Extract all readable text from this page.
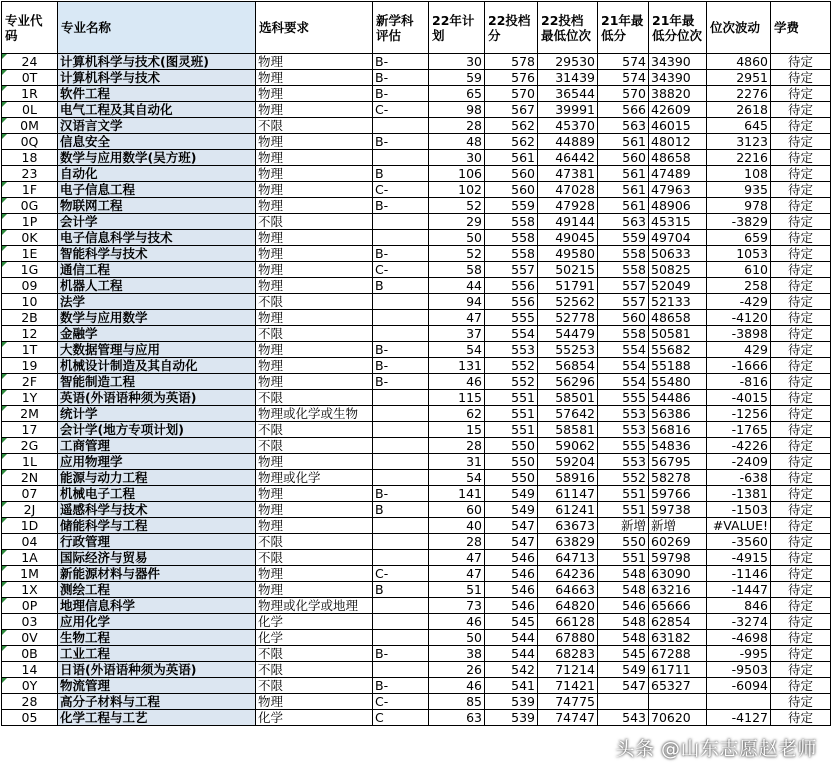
专业代码	专业名称	选科要求	新学科评估	22年计划	22投档分	22投档最低位次	21年最低分	21年最低分位次	位次波动	学费

24	计算机科学与技术(图灵班)	物理	B-	30	578	29530	574	34390	4860	待定

0T	计算机科学与技术	物理	B-	59	576	31439	574	34390	2951	待定

1R	软件工程	物理	B-	65	570	36544	570	38820	2276	待定

0L	电气工程及其自动化	物理	C-	98	567	39991	566	42609	2618	待定

0M	汉语言文学	不限		28	562	45370	563	46015	645	待定

0Q	信息安全	物理	B-	48	562	44889	561	48012	3123	待定
18	数学与应用数学(吴方班)	物理		30	561	46442	560	48658	2216	待定
23	自动化	物理	B	106	560	47381	561	47489	108	待定

1F	电子信息工程	物理	C-	102	560	47028	561	47963	935	待定

0G	物联网工程	物理	B-	52	559	47928	561	48906	978	待定

1P	会计学	不限		29	558	49144	563	45315	-3829	待定

0K	电子信息科学与技术	物理		50	558	49045	559	49704	659	待定

1E	智能科学与技术	物理	B-	52	558	49580	558	50633	1053	待定

1G	通信工程	物理	C-	58	557	50215	558	50825	610	待定
09	机器人工程	物理	B	44	556	51791	557	52049	258	待定
10	法学	不限		94	556	52562	557	52133	-429	待定
2B	数学与应用数学	物理		47	555	52778	560	48658	-4120	待定
12	金融学	不限		37	554	54479	558	50581	-3898	待定

1T	大数据管理与应用	物理	B-	54	553	55253	554	55682	429	待定
19	机械设计制造及其自动化	物理	B-	131	552	56854	554	55188	-1666	待定

2F	智能制造工程	物理	B-	46	552	56296	554	55480	-816	待定

1Y	英语(外语语种须为英语)	不限		115	551	58501	555	54486	-4015	待定

2M	统计学	物理或化学或生物		62	551	57642	553	56386	-1256	待定
17	会计学(地方专项计划)	不限		15	551	58581	553	56816	-1765	待定

2G	工商管理	不限		28	550	59062	555	54836	-4226	待定

1L	应用物理学	物理		31	550	59204	553	56795	-2409	待定

2N	能源与动力工程	物理或化学		54	550	58916	552	58278	-638	待定
07	机械电子工程	物理	B-	141	549	61147	551	59766	-1381	待定

2J	遥感科学与技术	物理	B	60	549	61241	551	59738	-1503	待定

1D	储能科学与工程	物理		40	547	63673	新增	新增	#VALUE!	待定
04	行政管理	不限		28	547	63829	550	60269	-3560	待定

1A	国际经济与贸易	不限		47	546	64713	551	59798	-4915	待定

1M	新能源材料与器件	物理	C-	47	546	64236	548	63090	-1146	待定

1X	测绘工程	物理	B	51	546	64663	548	63216	-1447	待定

0P	地理信息科学	物理或化学或地理		73	546	64820	546	65666	846	待定
03	应用化学	化学		46	545	66128	548	62854	-3274	待定

0V	生物工程	化学		50	544	67880	548	63182	-4698	待定

0B	工业工程	不限	B-	38	544	68283	545	67288	-995	待定
14	日语(外语语种须为英语)	不限		26	542	71214	549	61711	-9503	待定

0Y	物流管理	不限	B-	46	541	71421	547	65327	-6094	待定
28	高分子材料与工程	物理	C-	85	539	74775				待定
05	化学工程与工艺	化学	C	63	539	74747	543	70620	-4127	待定
头条 @山东志愿赵老师
